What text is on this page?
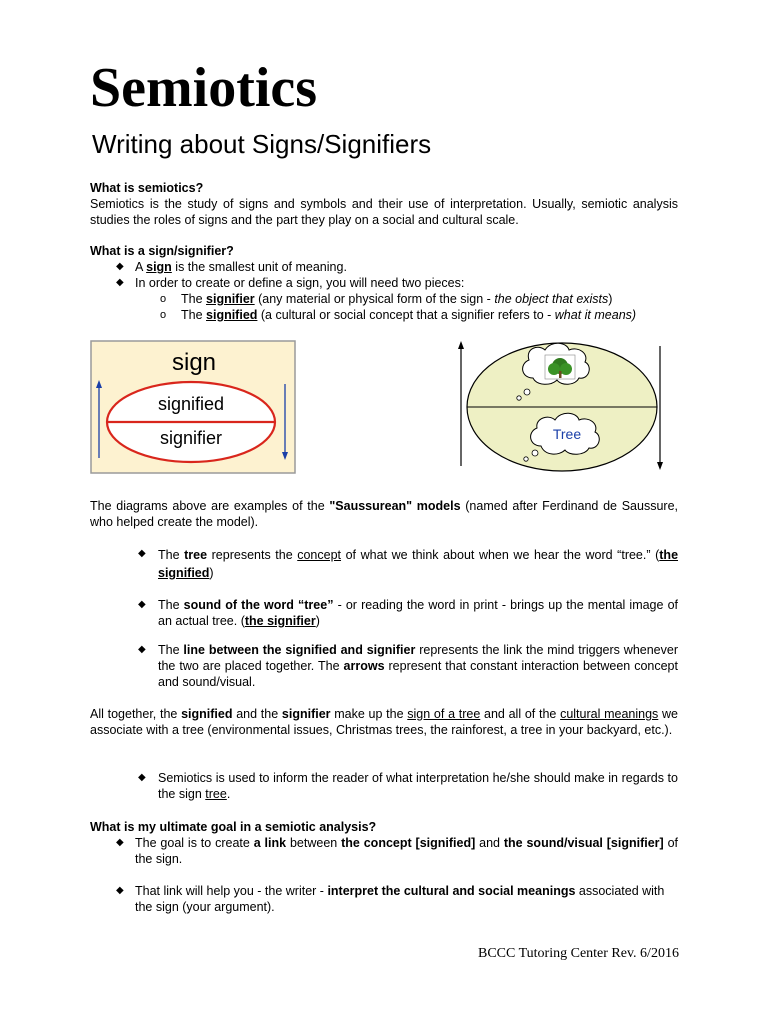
Semiotics
Writing about Signs/Signifiers
What is semiotics?
Semiotics is the study of signs and symbols and their use of interpretation. Usually, semiotic analysis studies the roles of signs and the part they play on a social and cultural scale.
What is a sign/signifier?
◆ A sign is the smallest unit of meaning.
◆ In order to create or define a sign, you will need two pieces:
o	The signifier (any material or physical form of the sign - the object that exists)
o	The signified (a cultural or social concept that a signifier refers to - what it means)
sign
signified
signifier	Tree
The diagrams above are examples of the "Saussurean" models (named after Ferdinand de Saussure, who helped create the model).
◆ The tree represents the concept of what we think about when we hear the word “tree.” (the signified)
◆ The sound of the word “tree” - or reading the word in print - brings up the mental image of an actual tree. (the signifier)
◆ The line between the signified and signifier represents the link the mind triggers whenever the two are placed together. The arrows represent that constant interaction between concept and sound/visual.
All together, the signified and the signifier make up the sign of a tree and all of the cultural meanings we associate with a tree (environmental issues, Christmas trees, the rainforest, a tree in your backyard, etc.).
◆ Semiotics is used to inform the reader of what interpretation he/she should make in regards to the sign tree.
What is my ultimate goal in a semiotic analysis?
◆ The goal is to create a link between the concept [signified] and the sound/visual [signifier] of the sign.
◆ That link will help you - the writer - interpret the cultural and social meanings associated with the sign (your argument).
BCCC Tutoring Center Rev. 6/2016
